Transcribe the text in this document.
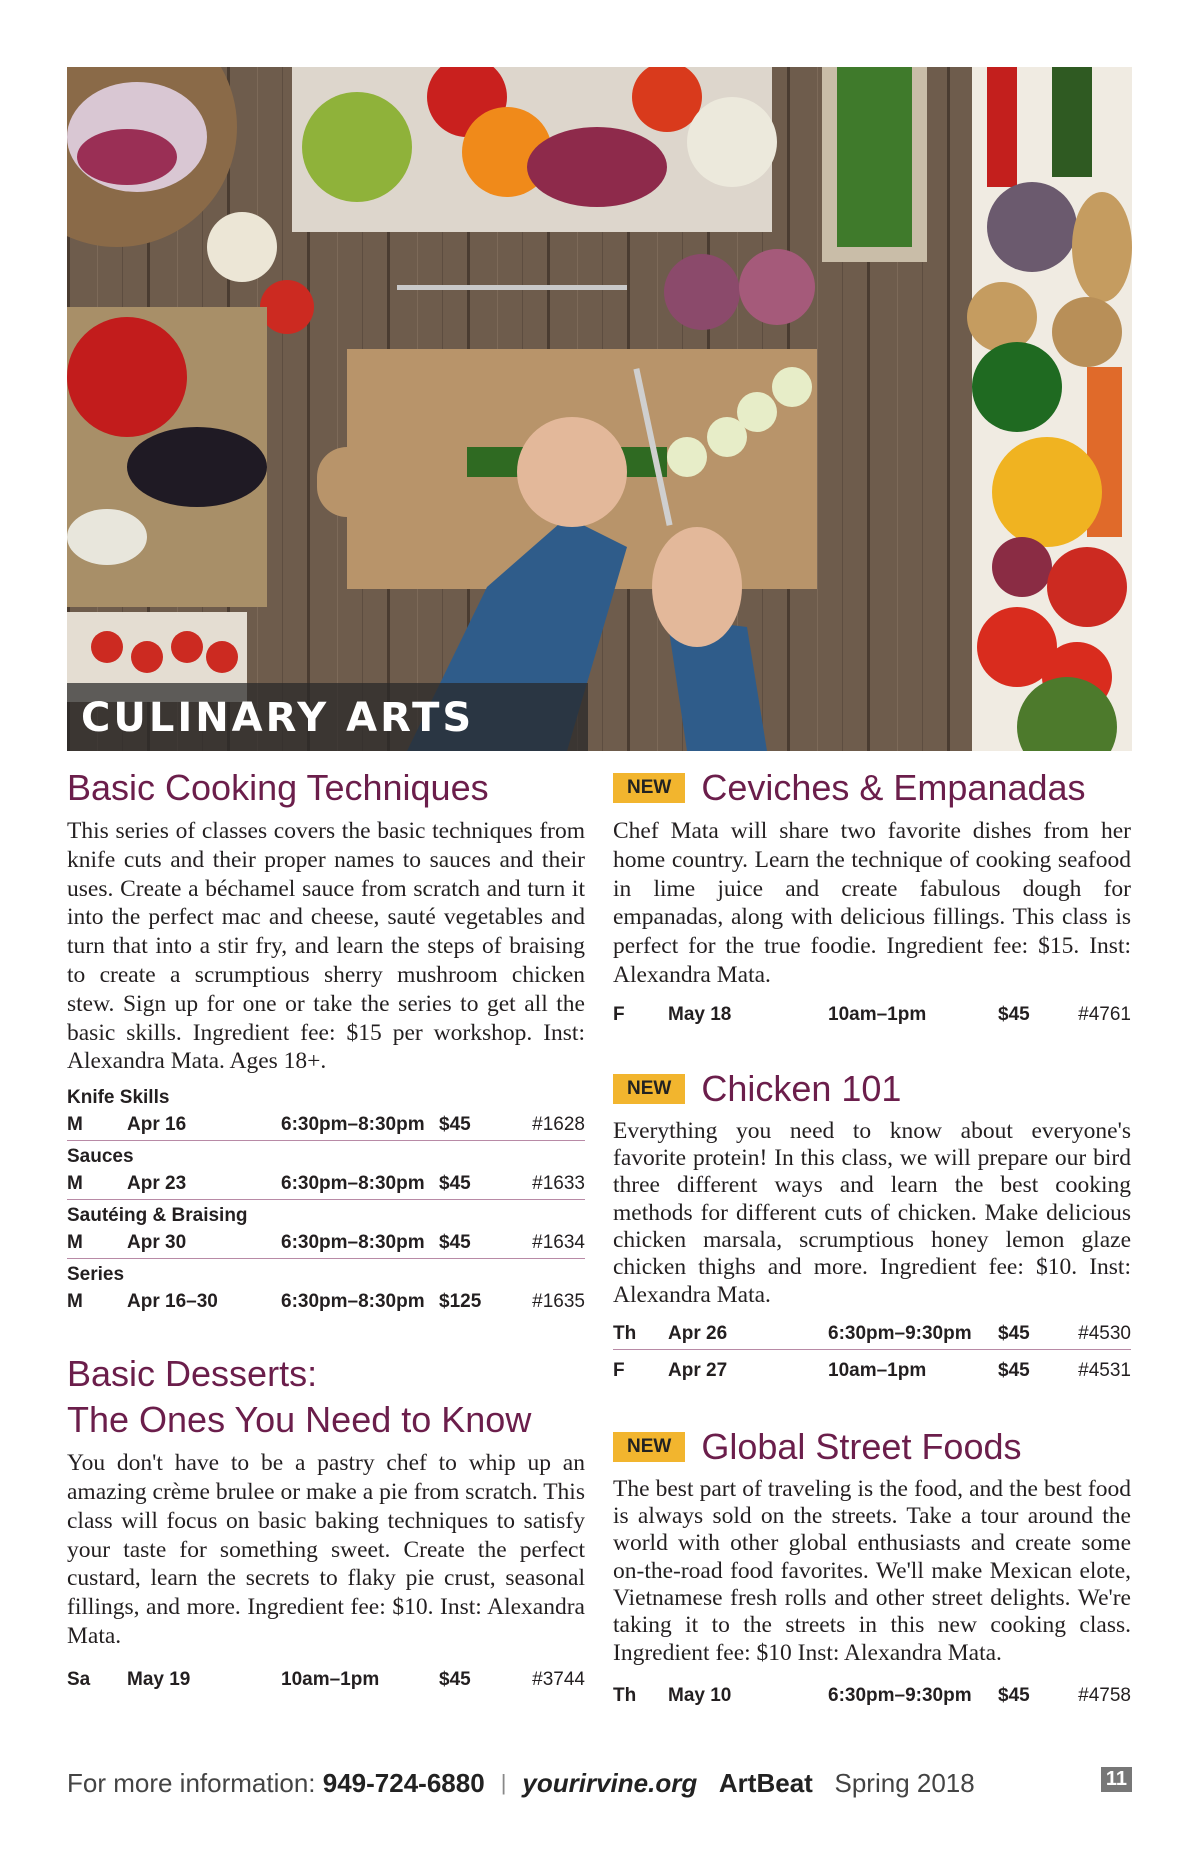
CULINARY ARTS
Basic Cooking Techniques

This series of classes covers the basic techniques from knife cuts and their proper names to sauces and their uses. Create a béchamel sauce from scratch and turn it into the perfect mac and cheese, sauté vegetables and turn that into a stir fry, and learn the steps of braising to create a scrumptious sherry mushroom chicken stew. Sign up for one or take the series to get all the basic skills. Ingredient fee: $15 per workshop. Inst: Alexandra Mata. Ages 18+.

Knife Skills
M	Apr 16	6:30pm–8:30pm $45	#1628
Sauces
M	Apr 23	6:30pm–8:30pm $45	#1633
Sautéing & Braising
M	Apr 30	6:30pm–8:30pm $45	#1634
Series
M	Apr 16–30	6:30pm–8:30pm $125	#1635
Basic Desserts:
The Ones You Need to Know

You don't have to be a pastry chef to whip up an amazing crème brulee or make a pie from scratch. This class will focus on basic baking techniques to satisfy your taste for something sweet. Create the perfect custard, learn the secrets to flaky pie crust, seasonal fillings, and more. Ingredient fee: $10. Inst: Alexandra Mata.

Sa	May 19	10am–1pm	$45	#3744
NEW Ceviches & Empanadas

Chef Mata will share two favorite dishes from her home country. Learn the technique of cooking seafood in lime juice and create fabulous dough for empanadas, along with delicious fillings. This class is perfect for the true foodie. Ingredient fee: $15. Inst: Alexandra Mata.

F	May 18	10am–1pm	$45	#4761
NEW Chicken 101

Everything you need to know about everyone's favorite protein! In this class, we will prepare our bird three different ways and learn the best cooking methods for different cuts of chicken. Make delicious chicken marsala, scrumptious honey lemon glaze chicken thighs and more. Ingredient fee: $10. Inst: Alexandra Mata.

Th	Apr 26	6:30pm–9:30pm	$45	#4530
F	Apr 27	10am–1pm	$45	#4531
NEW Global Street Foods

The best part of traveling is the food, and the best food is always sold on the streets. Take a tour around the world with other global enthusiasts and create some on-the-road food favorites. We'll make Mexican elote, Vietnamese fresh rolls and other street delights. We're taking it to the streets in this new cooking class. Ingredient fee: $10 Inst: Alexandra Mata.

Th	May 10	6:30pm–9:30pm	$45	#4758
For more information:
949-724-6880 | yourirvine.org
ArtBeat
Spring 2018	11
